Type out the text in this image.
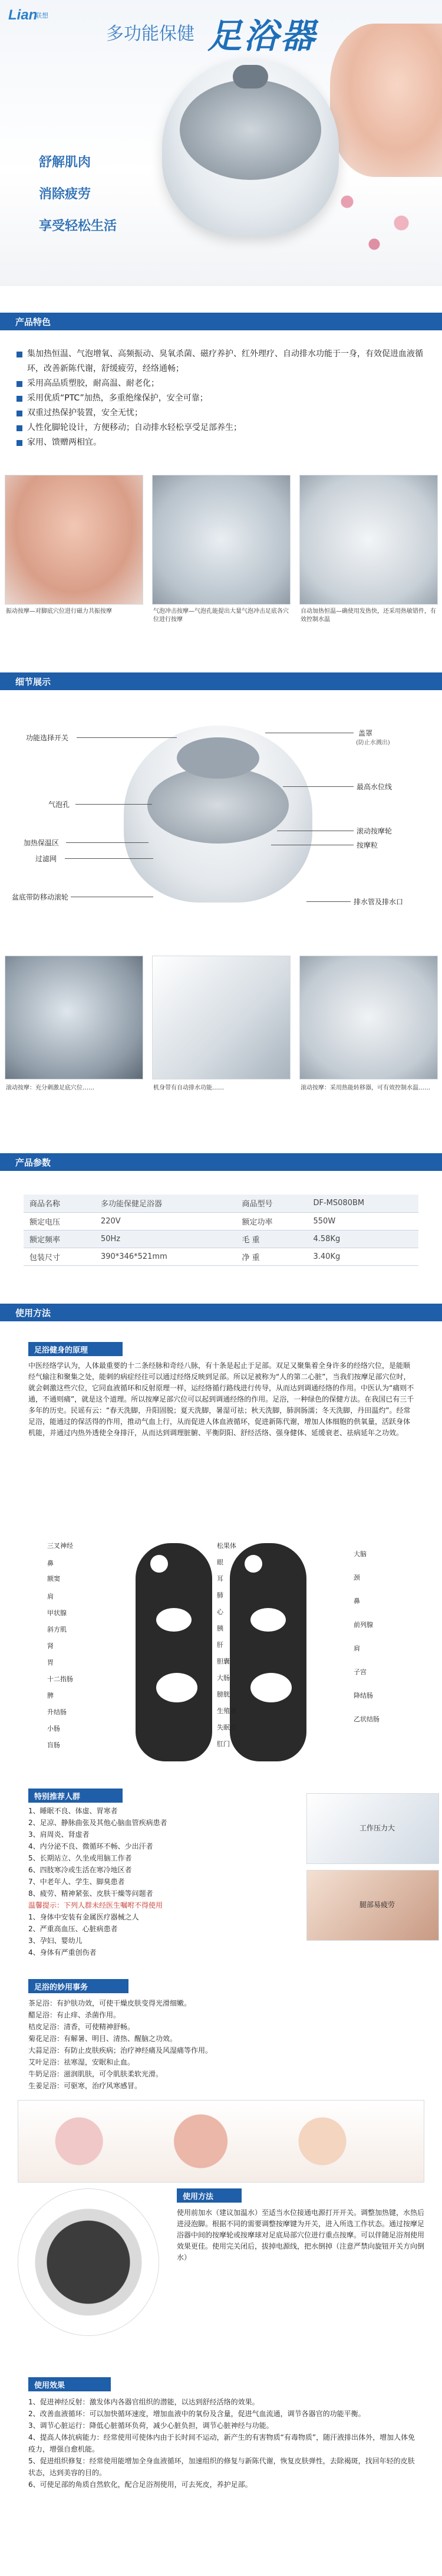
Lian
联想
多功能保健 足浴器
舒解肌肉
消除疲劳
享受轻松生活
产品特色
集加热恒温、气泡增氧、高频振动、臭氧杀菌、磁疗养护、红外理疗、自动排水功能于一身，有效促进血液循环，改善新陈代谢，舒缓疲劳，经络通畅；
采用高品质塑胶，耐高温、耐老化；
采用优质“PTC”加热，多重绝缘保护，安全可靠；
双重过热保护装置，安全无忧；
人性化脚轮设计，方便移动；自动排水轻松享受足部养生；
家用、馈赠两相宜。
振动按摩—对脚底穴位进行磁力共振按摩	气泡冲击按摩—气泡孔能提出大量气泡冲击足底各穴位进行按摩
自动加热恒温—确使用发热快，还采用热敏错件，有效控制水温
细节展示
功能选择开关
气泡孔
加热保温区
过滤网
盆底带防移动滚轮
盖罩
(防止水溅出)
最高水位线
滚动按摩轮
按摩粒
排水管及排水口
滚动按摩：充分刺激足底穴位……	机身带有自动排水功能……	滚动按摩：采用热能转移器，可有效控制水温……
产品参数
商品名称	多功能保健足浴器	商品型号	DF-MS080BM
额定电压	220V	额定功率	550W
额定频率	50Hz	毛 重	4.58Kg
包装尺寸	390*346*521mm	净 重	3.40Kg
使用方法
足浴健身的原理
中医经络学认为，人体最重要的十二条经脉和奇经八脉，有十条是起止于足部。双足又聚集着全身许多的经络穴位，是能顺经气输注和聚集之处，能刺的病症经往可以通过经络反映到足部。所以足被称为“人的第二心脏”，当我们按摩足部穴位时，就会刺激这些穴位，它同血液循环和反射原理一样，运经络循行路线进行传导，从而达到调通经络的作用。中医认为“痛则不通，不通则痛”，就是这个道理。所以按摩足部穴位可以起到调通经络的作用。足浴，一种绿色的保健方法。在我国已有三千多年的历史。民谣有云：“春天洗脚，升阳固脱；夏天洗脚，暑湿可祛；秋天洗脚，肺润肠濡；冬天洗脚，丹田温灼”。经常足浴，能通过的保活得的作用，推动气血上行，从而促进人体血液循环，促进新陈代谢，增加人体细胞的供氧量，活跃身体机能，并通过内热外透使全身排汗，从而达到调理脏腑、平衡阴阳、舒经活络、强身健体、延缓衰老、祛病延年之功效。
三叉神经
鼻
额窦
肩
甲状腺
斜方肌
肾
胃
十二指肠
脾
升结肠
小肠
盲肠
松果体
眼
耳
肺
心
胰
肝
胆囊
大肠
膀胱
生殖器
失眠点
肛门
大脑
颈
鼻
前列腺
肩
子宫
降结肠
乙状结肠
特别推荐人群
1、睡眠不良、体虚、胃寒者
2、足凉、静脉曲张及其他心脑血管疾病患者
3、肩周炎、肾虚者
4、内分泌不良、微循环不畅、少出汗者
5、长期站立、久坐或用脑工作者
6、四肢寒冷或生活在寒冷地区者
7、中老年人、学生、脚臭患者
8、疲劳、精神紧张、皮肤干燥等问题者
温馨提示：下列人群未经医生嘱咐不得使用
1、身体中安装有金属医疗器械之人
2、严重高血压、心脏病患者
3、孕妇、婴幼儿
4、身体有严重创伤者
工作压力大
腿部易疲劳
足浴的妙用事务
茶足浴：有护肤功效，可使干燥皮肤变得光滑细嫩。
醋足浴：有止痒、杀菌作用。
桔皮足浴：清香，可使精神舒畅。
菊花足浴：有解暑、明目、清热、醒脑之功效。
大蒜足浴：有防止皮肤疾病；治疗神经痛及风湿痛等作用。
艾叶足浴：祛寒湿，安眠和止血。
牛奶足浴：滋润肌肤，可令肌肤柔软光滑。
生姜足浴：可驱寒，治疗风寒感冒。
使用方法
使用前加水（建议加温水）至适当水位接通电源打开开关。调整加热键，水热后进浸泡脚。根据不同的需要调整按摩键为开关，进入所选工作状态。通过按摩足浴器中间的按摩轮或按摩球对足底局部穴位进行重点按摩。可以伴随足浴剂使用效果更佳。使用完关闭后，拔掉电源线，把水倒掉（注意严禁向旋钮开关方向倒水）
使用效果
1、促进神经反射：激发体内各器官组织的潜能，以达到舒经活络的效果。
2、改善血液循环：可以加快循环速度，增加血液中的氧份及含量，促进气血流通，调节各器官的功能平衡。
3、调节心脏运行：降低心脏循环负荷，减少心脏负担，调节心脏神经与功能。
4、提高人体抗病能力：经常使用可使体内由于长时间不运动，新产生的有害物质“有毒物质”，随汗液排出体外，增加人体免疫力，增强自愈机能。
5、促进组织修复：经常使用能增加全身血液循环，加速组织的修复与新陈代谢，恢复皮肤弹性，去除褐斑，找回年轻的皮肤状态，达到美容的目的。
6、可使足部的角质自然软化，配合足浴剂使用，可去死皮，养护足部。
